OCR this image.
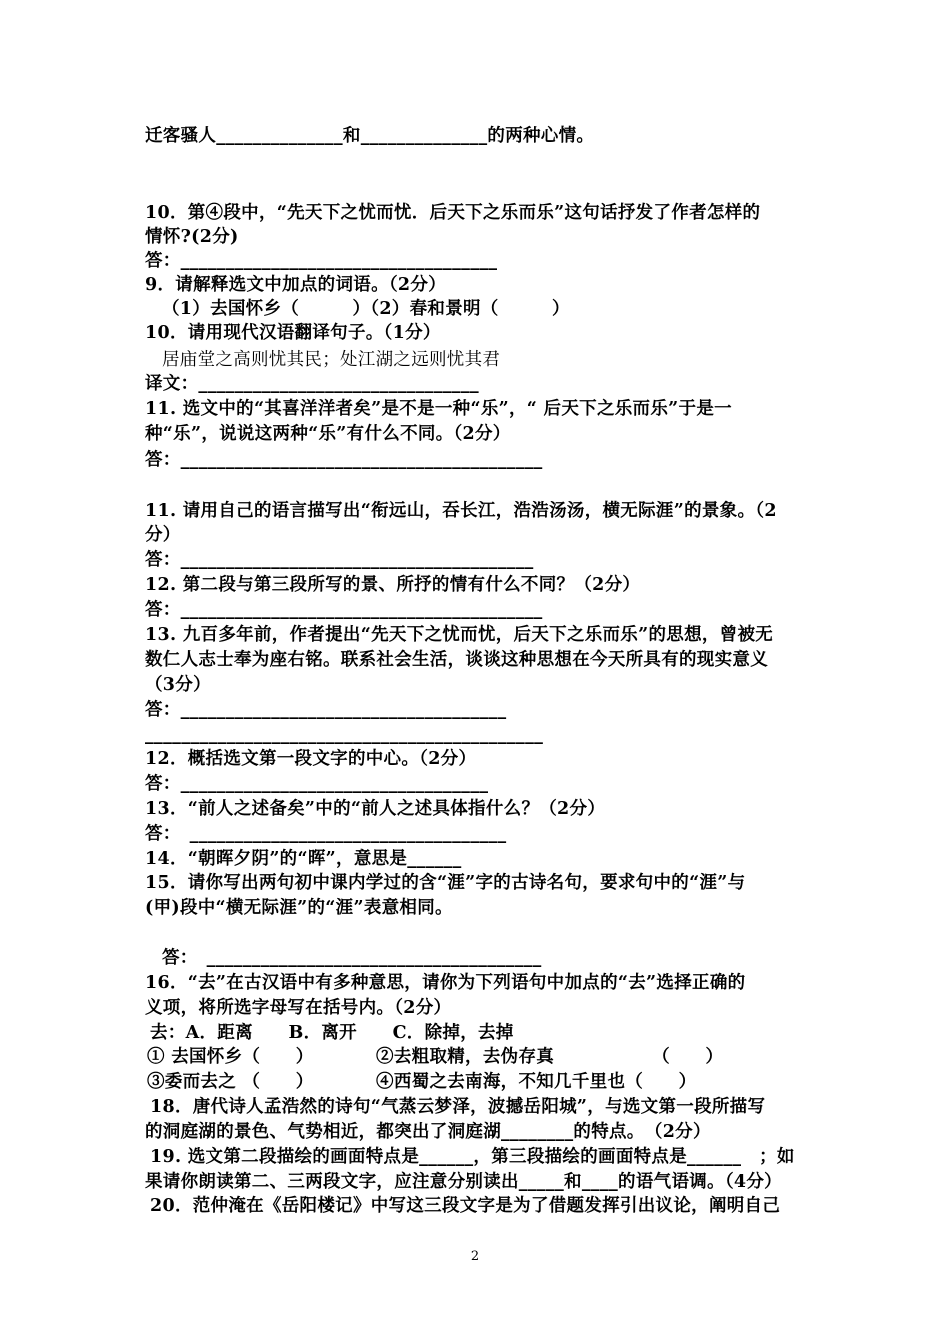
迁客骚人______________和______________的两种心情。
10．第④段中，“先天下之忧而忧．后天下之乐而乐”这句话抒发了作者怎样的
情怀?(2分)
答：___________________________________
9．请解释选文中加点的词语。（2分）
（1）去国怀乡（　　　）（2）春和景明（　　　）
10．请用现代汉语翻译句子。（1分）
居庙堂之高则忧其民；处江湖之远则忧其君
译文：_______________________________
11. 选文中的“其喜洋洋者矣”是不是一种“乐”，“ 后天下之乐而乐”于是一
种“乐”，说说这两种“乐”有什么不同。（2分）
答：________________________________________
11. 请用自己的语言描写出“衔远山，吞长江，浩浩汤汤，横无际涯”的景象。（2
分）
答：_______________________________________
12. 第二段与第三段所写的景、所抒的情有什么不同？（2分）
答：________________________________________
13. 九百多年前，作者提出“先天下之忧而忧，后天下之乐而乐”的思想，曾被无
数仁人志士奉为座右铭。联系社会生活，谈谈这种思想在今天所具有的现实意义
（3分）
答：____________________________________
____________________________________________
12．概括选文第一段文字的中心。（2分）
答：__________________________________
13．“前人之述备矣”中的“前人之述具体指什么？（2分）
答：　___________________________________
14．“朝晖夕阴”的“晖”，意思是______
15．请你写出两句初中课内学过的含“涯”字的古诗名句，要求句中的“涯”与
(甲)段中“横无际涯”的“涯”表意相同。
答：　_____________________________________
16．“去”在古汉语中有多种意思，请你为下列语句中加点的“去”选择正确的
义项，将所选字母写在括号内。（2分）
去：A．距离　　B．离开　　C．除掉，去掉
① 去国怀乡（　　）　　　　②去粗取精，去伪存真　　　　　　（　　）
③委而去之 （　　）　　　　④西蜀之去南海，不知几千里也（　　）
18．唐代诗人孟浩然的诗句“气蒸云梦泽，波撼岳阳城”，与选文第一段所描写
的洞庭湖的景色、气势相近，都突出了洞庭湖________的特点。　（2分）
19. 选文第二段描绘的画面特点是______，第三段描绘的画面特点是______　；如
果请你朗读第二、三两段文字，应注意分别读出_____和____的语气语调。（4分）
20．范仲淹在《岳阳楼记》中写这三段文字是为了借题发挥引出议论，阐明自己
2
